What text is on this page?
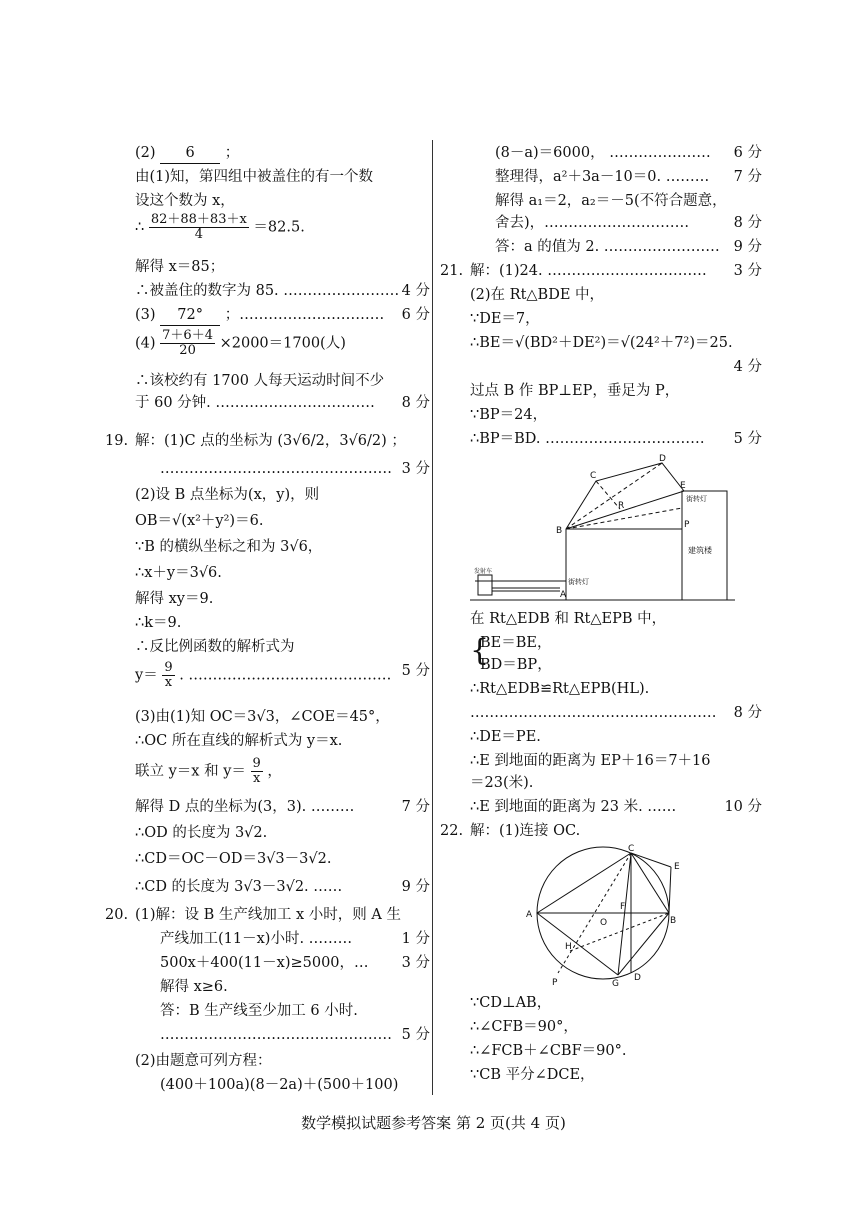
(2) 6 ；
由(1)知，第四组中被盖住的有一个数
设这个数为 x，
∴ $\frac{82+88+83+x}{4} =82.5$.
解得 x＝85；
∴被盖住的数字为 85. …………………… 4 分
(3) 72° ；………………………… 6 分
$(4) \frac{7+6+4}{20} \times 2000=1700$(人)
∴该校约有 1700 人每天运动时间不少
于 60 分钟. …………………………… 8 分
19. 解：(1)C 点的坐标为 (3√6/2，3√6/2) ；
………………………………………… 3 分
(2)设 B 点坐标为(x，y)，则
OB＝√(x²＋y²)＝6.
∵B 的横纵坐标之和为 3√6，
∴x＋y＝3√6.
解得 xy＝9.
∴k＝9.
∴反比例函数的解析式为
$y= \frac{9}{x}$ . …………………………………… 5 分
(3)由(1)知 OC＝3√3，∠COE＝45°，
∴OC 所在直线的解析式为 y＝x.
联立 y＝x 和 $y= \frac{9}{x}$ ，
解得 D 点的坐标为(3，3). ………	7 分
∴OD 的长度为 3√2.
∴CD＝OC－OD＝3√3－3√2.
∴CD 的长度为 3√3－3√2. ……	9 分
20. (1)解：设 B 生产线加工 x 小时，则 A 生
产线加工(11－x)小时. ………	1 分
500x＋400(11－x)≥5000，… 3 分
解得 x≥6.
答：B 生产线至少加工 6 小时.
………………………………………… 5 分
(2)由题意可列方程：
(400＋100a)(8－2a)＋(500＋100)
(8－a)＝6000， ………………… 6 分
整理得，a²＋3a－10＝0. ……… 7 分
解得 a₁＝2，a₂＝－5(不符合题意，
舍去)，…………………………	8 分
答：a 的值为 2. …………………… 9 分
21. 解：(1)24. …………………………… 3 分
(2)在 Rt△BDE 中，
∵DE＝7，
∴BE＝√(BD²＋DE²)＝√(24²＋7²)＝25.
4 分
过点 B 作 BP⊥EP，垂足为 P，
∵BP＝24，
∴BP＝BD. …………………………… 5 分
C
D
E
R
B
P
A
街转灯
建筑楼
街转灯
发射车
在 Rt△EDB 和 Rt△EPB 中，
{
BE＝BE，
BD＝BP，
∴Rt△EDB≌Rt△EPB(HL).
…………………………………………… 8 分
∴DE＝PE.
∴E 到地面的距离为 EP＋16＝7＋16
＝23(米).
∴E 到地面的距离为 23 米. ……	10 分
22. 解：(1)连接 OC.
C
E
A
F
B
O
H
P	G
D
∵CD⊥AB，
∴∠CFB＝90°，
∴∠FCB＋∠CBF＝90°.
∵CB 平分∠DCE，
数学模拟试题参考答案 第 2 页(共 4 页)
